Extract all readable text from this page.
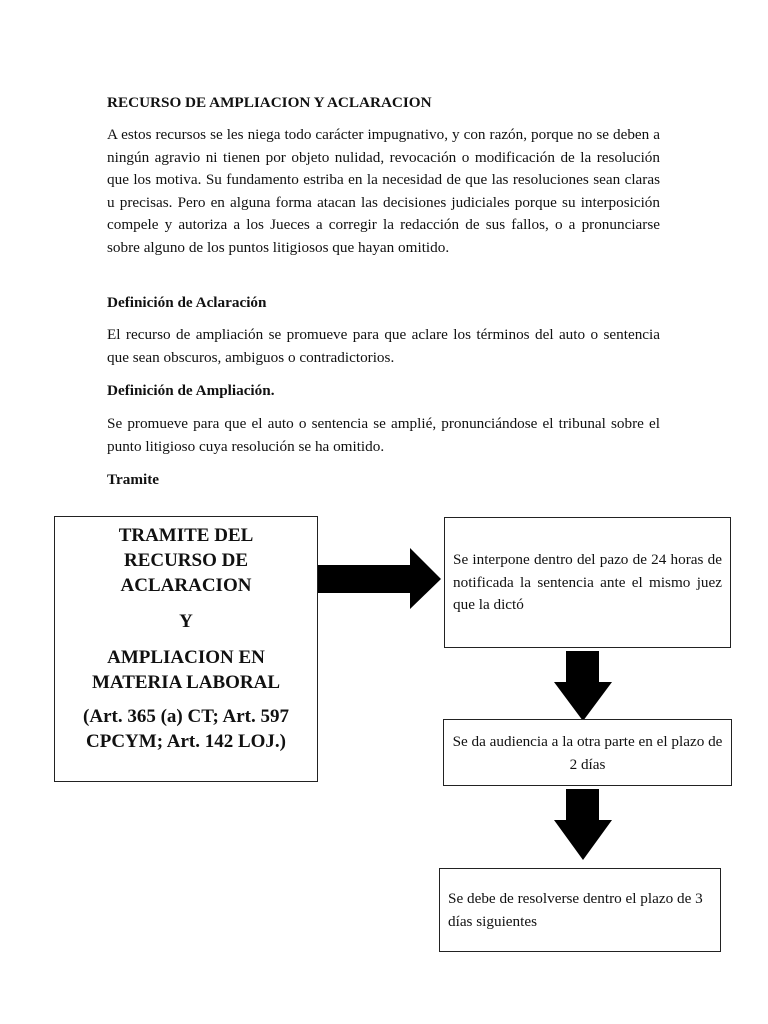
RECURSO DE AMPLIACION Y ACLARACION
A estos recursos se les niega todo carácter impugnativo, y con razón, porque no se deben a ningún agravio ni tienen por objeto nulidad, revocación o modificación de la resolución que los motiva. Su fundamento estriba en la necesidad de que las resoluciones sean claras u precisas. Pero en alguna forma atacan las decisiones judiciales porque su interposición compele y autoriza a los Jueces a corregir la redacción de sus fallos, o a pronunciarse sobre alguno de los puntos litigiosos que hayan omitido.
Definición de Aclaración
El recurso de ampliación se promueve para que aclare los términos del auto o sentencia que sean obscuros, ambiguos o contradictorios.
Definición de Ampliación.
Se promueve para que el auto o sentencia se amplié, pronunciándose el tribunal sobre el punto litigioso cuya resolución se ha omitido.
Tramite

TRAMITE DEL

RECURSO DE

ACLARACION

Y

AMPLIACION EN

MATERIA LABORAL

(Art. 365 (a) CT; Art. 597

CPCYM; Art. 142 LOJ.)

Se interpone dentro del pazo de 24 horas de notificada la sentencia ante el mismo juez que la dictó
Se da audiencia a la otra parte en el plazo de 2 días
Se debe de resolverse dentro el plazo de 3 días siguientes
